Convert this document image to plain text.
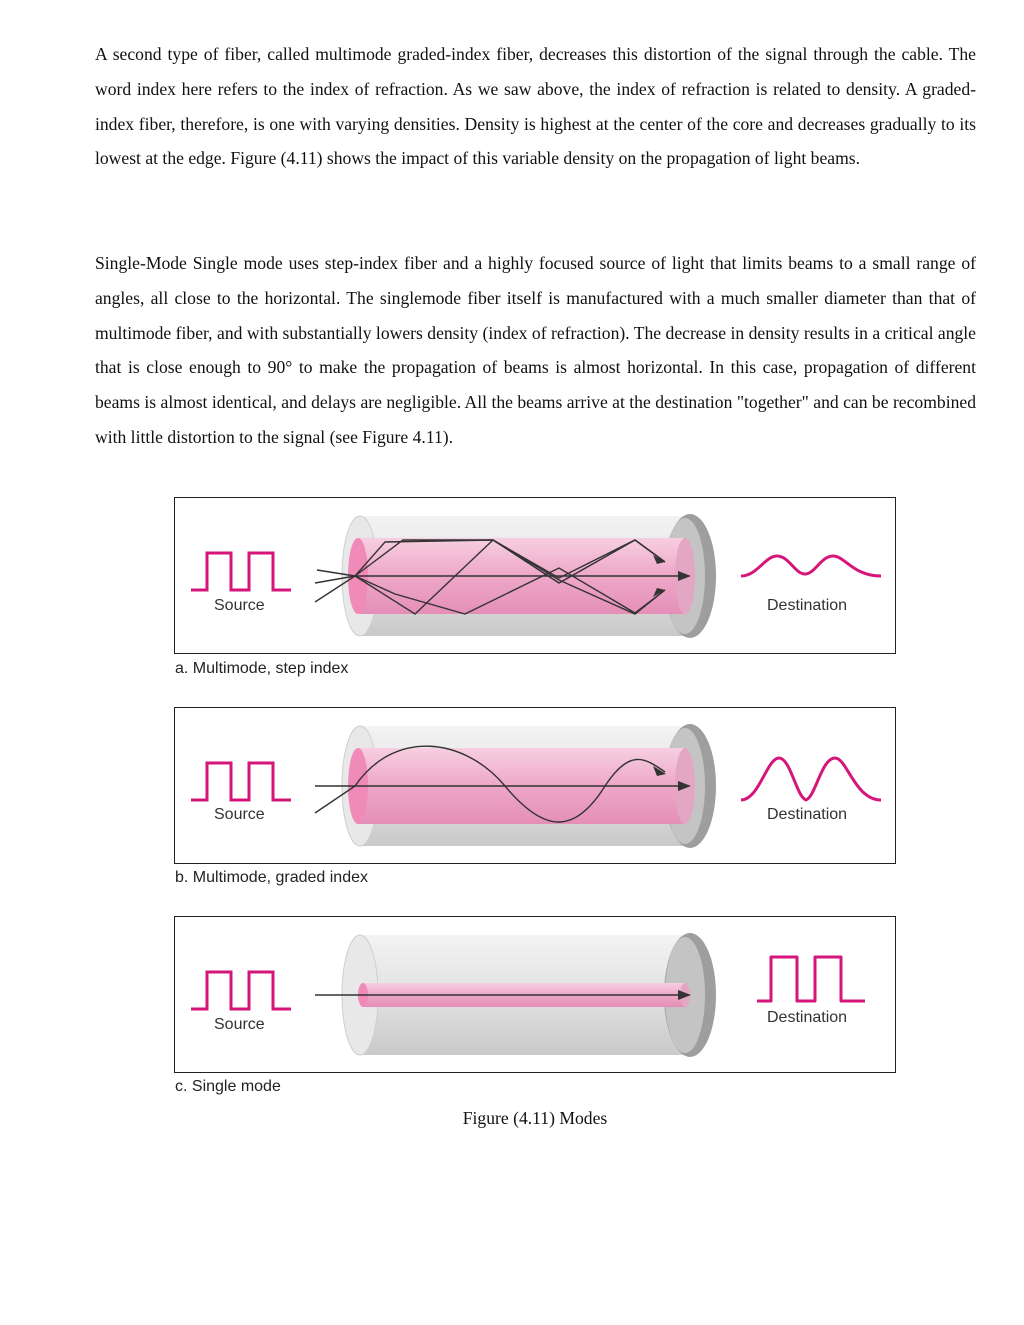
A second type of fiber, called multimode graded-index fiber, decreases this distortion of the signal through the cable. The word index here refers to the index of refraction. As we saw above, the index of refraction is related to density. A graded-index fiber, therefore, is one with varying densities. Density is highest at the center of the core and decreases gradually to its lowest at the edge. Figure (4.11) shows the impact of this variable density on the propagation of light beams.

Single-Mode Single mode uses step-index fiber and a highly focused source of light that limits beams to a small range of angles, all close to the horizontal. The singlemode fiber itself is manufactured with a much smaller diameter than that of multimode fiber, and with substantially lowers density (index of refraction). The decrease in density results in a critical angle that is close enough to 90° to make the propagation of beams is almost horizontal. In this case, propagation of different beams is almost identical, and delays are negligible. All the beams arrive at the destination "together" and can be recombined with little distortion to the signal (see Figure 4.11).

Source	Destination
a. Multimode, step index
Source	Destination
b. Multimode, graded index
Source	Destination
c. Single mode
Figure (4.11) Modes
